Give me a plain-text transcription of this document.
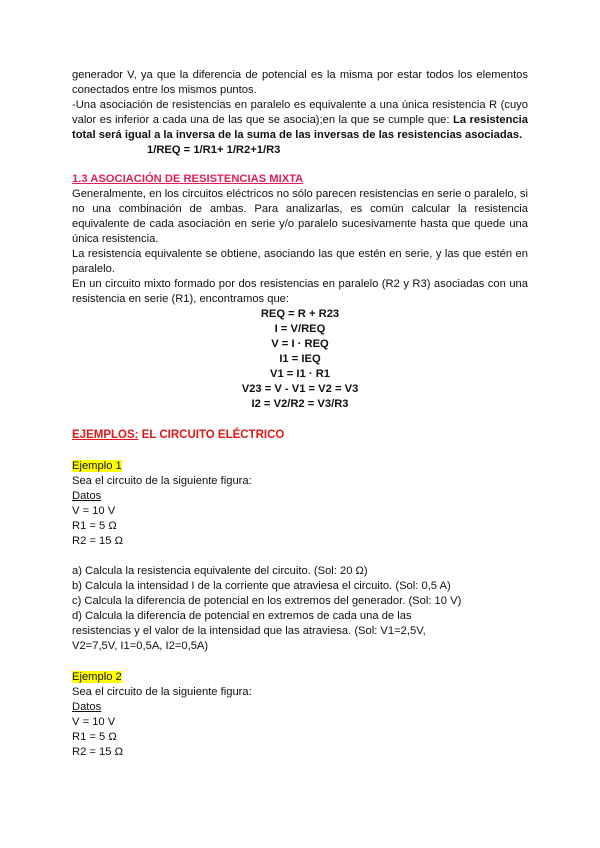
generador V, ya que la diferencia de potencial es la misma por estar todos los elementos conectados entre los mismos puntos.

-Una asociación de resistencias en paralelo es equivalente a una única resistencia R (cuyo valor es inferior a cada una de las que se asocia);en la que se cumple que: La resistencia total será igual a la inversa de la suma de las inversas de las resistencias asociadas.

1/REQ = 1/R1+ 1/R2+1/R3

1.3 ASOCIACIÓN DE RESISTENCIAS MIXTA

Generalmente, en los circuitos eléctricos no sólo parecen resistencias en serie o paralelo, si no una combinación de ambas. Para analizarlas, es común calcular la resistencia equivalente de cada asociación en serie y/o paralelo sucesivamente hasta que quede una única resistencia.

La resistencia equivalente se obtiene, asociando las que estén en serie, y las que estén en paralelo.

En un circuito mixto formado por dos resistencias en paralelo (R2 y R3) asociadas con una resistencia en serie (R1), encontramos que:

REQ = R + R23

I = V/REQ

V = I · REQ

I1 = IEQ

V1 = I1 · R1

V23 = V - V1 = V2 = V3

I2 = V2/R2 = V3/R3

EJEMPLOS: EL CIRCUITO ELÉCTRICO

Ejemplo 1

Sea el circuito de la siguiente figura:

Datos

V = 10 V

R1 = 5 Ω

R2 = 15 Ω

a) Calcula la resistencia equivalente del circuito. (Sol: 20 Ω)

b) Calcula la intensidad I de la corriente que atraviesa el circuito. (Sol: 0,5 A)

c) Calcula la diferencia de potencial en los extremos del generador. (Sol: 10 V)

d) Calcula la diferencia de potencial en extremos de cada una de las

resistencias y el valor de la intensidad que las atraviesa. (Sol: V1=2,5V,

V2=7,5V, I1=0,5A, I2=0,5A)

Ejemplo 2

Sea el circuito de la siguiente figura:

Datos

V = 10 V

R1 = 5 Ω

R2 = 15 Ω
